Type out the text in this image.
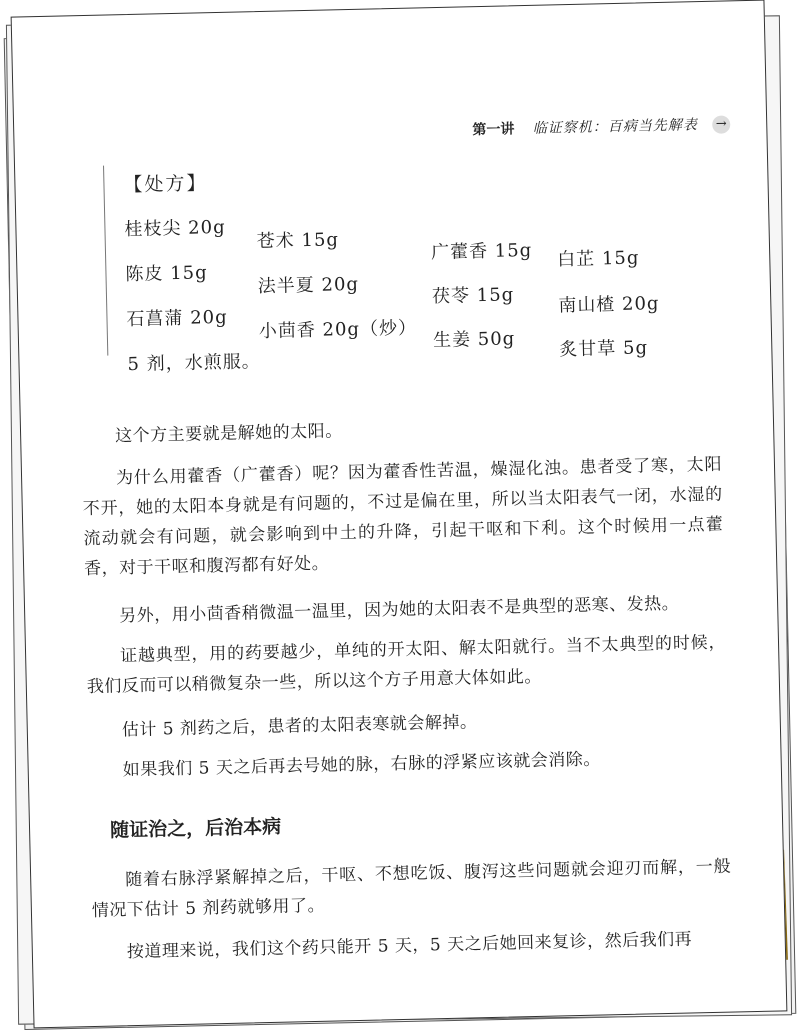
第一讲 临证察机：百病当先解表 →
【处方】
桂枝尖 20g
苍术 15g	广藿香 15g 白芷 15g
陈皮 15g
法半夏 20g	茯苓 15g 南山楂 20g
石菖蒲 20g 小茴香 20g（炒） 生姜 50g 炙甘草 5g
5 剂，水煎服。
这个方主要就是解她的太阳。
为什么用藿香（广藿香）呢？因为藿香性苦温，燥湿化浊。患者受了寒，太阳不开，她的太阳本身就是有问题的，不过是偏在里，所以当太阳表气一闭，水湿的流动就会有问题，就会影响到中土的升降，引起干呕和下利。这个时候用一点藿香，对于干呕和腹泻都有好处。
另外，用小茴香稍微温一温里，因为她的太阳表不是典型的恶寒、发热。
证越典型，用的药要越少，单纯的开太阳、解太阳就行。当不太典型的时候，我们反而可以稍微复杂一些，所以这个方子用意大体如此。
估计 5 剂药之后，患者的太阳表寒就会解掉。
如果我们 5 天之后再去号她的脉，右脉的浮紧应该就会消除。
随证治之，后治本病
随着右脉浮紧解掉之后，干呕、不想吃饭、腹泻这些问题就会迎刃而解，一般情况下估计 5 剂药就够用了。
按道理来说，我们这个药只能开 5 天，5 天之后她回来复诊，然后我们再
